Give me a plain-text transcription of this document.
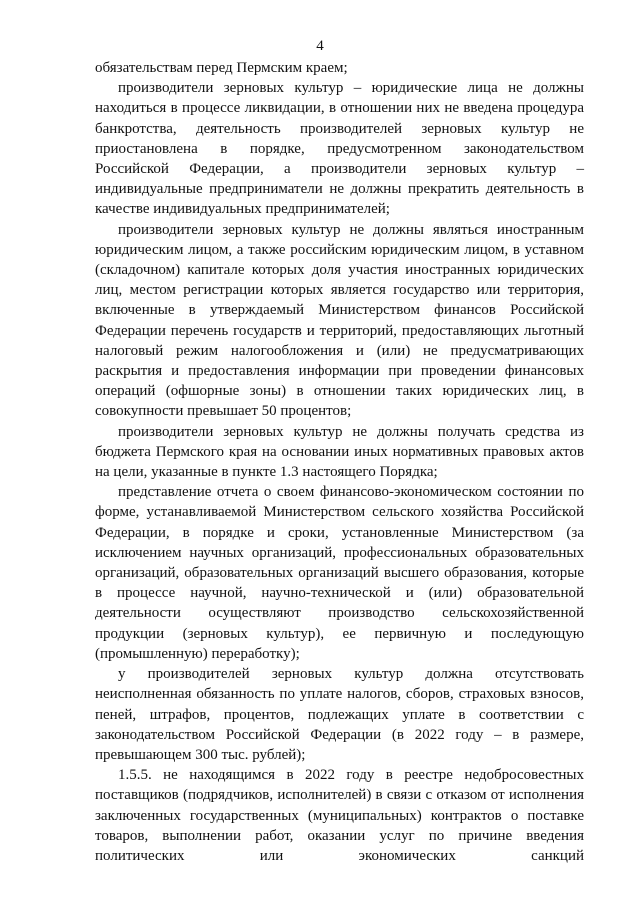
4

обязательствам перед Пермским краем;

производители зерновых культур – юридические лица не должны находиться в процессе ликвидации, в отношении них не введена процедура банкротства, деятельность производителей зерновых культур не приостановлена в порядке, предусмотренном законодательством Российской Федерации, а производители зерновых культур – индивидуальные предприниматели не должны прекратить деятельность в качестве индивидуальных предпринимателей;

производители зерновых культур не должны являться иностранным юридическим лицом, а также российским юридическим лицом, в уставном (складочном) капитале которых доля участия иностранных юридических лиц, местом регистрации которых является государство или территория, включенные в утверждаемый Министерством финансов Российской Федерации перечень государств и территорий, предоставляющих льготный налоговый режим налогообложения и (или) не предусматривающих раскрытия и предоставления информации при проведении финансовых операций (офшорные зоны) в отношении таких юридических лиц, в совокупности превышает 50 процентов;

производители зерновых культур не должны получать средства из бюджета Пермского края на основании иных нормативных правовых актов на цели, указанные в пункте 1.3 настоящего Порядка;

представление отчета о своем финансово-экономическом состоянии по форме, устанавливаемой Министерством сельского хозяйства Российской Федерации, в порядке и сроки, установленные Министерством (за исключением научных организаций, профессиональных образовательных организаций, образовательных организаций высшего образования, которые в процессе научной, научно-технической и (или) образовательной деятельности осуществляют производство сельскохозяйственной продукции (зерновых культур), ее первичную и последующую (промышленную) переработку);

у производителей зерновых культур должна отсутствовать неисполненная обязанность по уплате налогов, сборов, страховых взносов, пеней, штрафов, процентов, подлежащих уплате в соответствии с законодательством Российской Федерации (в 2022 году – в размере, превышающем 300 тыс. рублей);

1.5.5. не находящимся в 2022 году в реестре недобросовестных поставщиков (подрядчиков, исполнителей) в связи с отказом от исполнения заключенных государственных (муниципальных) контрактов о поставке товаров, выполнении работ, оказании услуг по причине введения политических или экономических санкций
